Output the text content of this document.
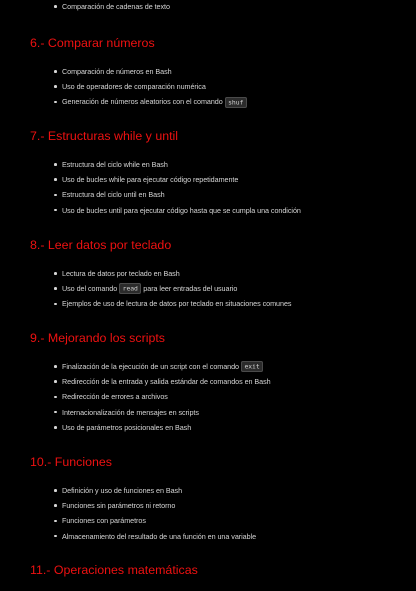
Comparación de cadenas de texto
6.- Comparar números
Comparación de números en Bash
Uso de operadores de comparación numérica
Generación de números aleatorios con el comando shuf
7.- Estructuras while y until
Estructura del ciclo while en Bash
Uso de bucles while para ejecutar código repetidamente
Estructura del ciclo until en Bash
Uso de bucles until para ejecutar código hasta que se cumpla una condición
8.- Leer datos por teclado
Lectura de datos por teclado en Bash
Uso del comando read para leer entradas del usuario
Ejemplos de uso de lectura de datos por teclado en situaciones comunes
9.- Mejorando los scripts
Finalización de la ejecución de un script con el comando exit
Redirección de la entrada y salida estándar de comandos en Bash
Redirección de errores a archivos
Internacionalización de mensajes en scripts
Uso de parámetros posicionales en Bash
10.- Funciones
Definición y uso de funciones en Bash
Funciones sin parámetros ni retorno
Funciones con parámetros
Almacenamiento del resultado de una función en una variable
11.- Operaciones matemáticas
